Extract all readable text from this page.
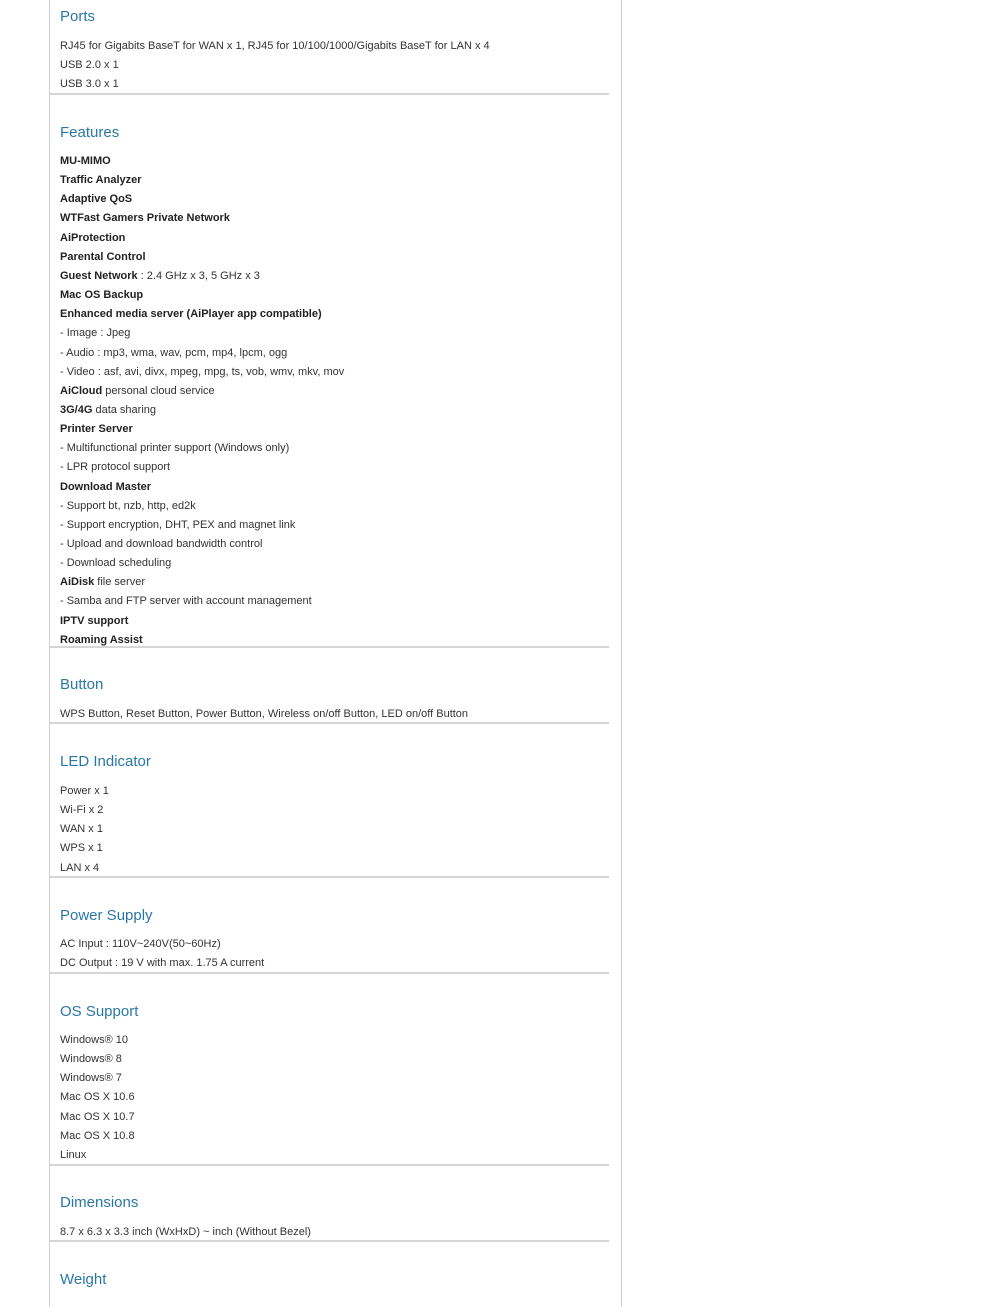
Ports
RJ45 for Gigabits BaseT for WAN x 1, RJ45 for 10/100/1000/Gigabits BaseT for LAN x 4
USB 2.0 x 1
USB 3.0 x 1
Features
MU-MIMO
Traffic Analyzer
Adaptive QoS
WTFast Gamers Private Network
AiProtection
Parental Control
Guest Network : 2.4 GHz x 3, 5 GHz x 3
Mac OS Backup
Enhanced media server (AiPlayer app compatible)
- Image : Jpeg
- Audio : mp3, wma, wav, pcm, mp4, lpcm, ogg
- Video : asf, avi, divx, mpeg, mpg, ts, vob, wmv, mkv, mov
AiCloud personal cloud service
3G/4G data sharing
Printer Server
- Multifunctional printer support (Windows only)
- LPR protocol support
Download Master
- Support bt, nzb, http, ed2k
- Support encryption, DHT, PEX and magnet link
- Upload and download bandwidth control
- Download scheduling
AiDisk file server
- Samba and FTP server with account management
IPTV support
Roaming Assist
Button
WPS Button, Reset Button, Power Button, Wireless on/off Button, LED on/off Button
LED Indicator
Power x 1
Wi-Fi x 2
WAN x 1
WPS x 1
LAN x 4
Power Supply
AC Input : 110V~240V(50~60Hz)
DC Output : 19 V with max. 1.75 A current
OS Support
Windows® 10
Windows® 8
Windows® 7
Mac OS X 10.6
Mac OS X 10.7
Mac OS X 10.8
Linux
Dimensions
8.7 x 6.3 x 3.3 inch (WxHxD) ~ inch (Without Bezel)
Weight
